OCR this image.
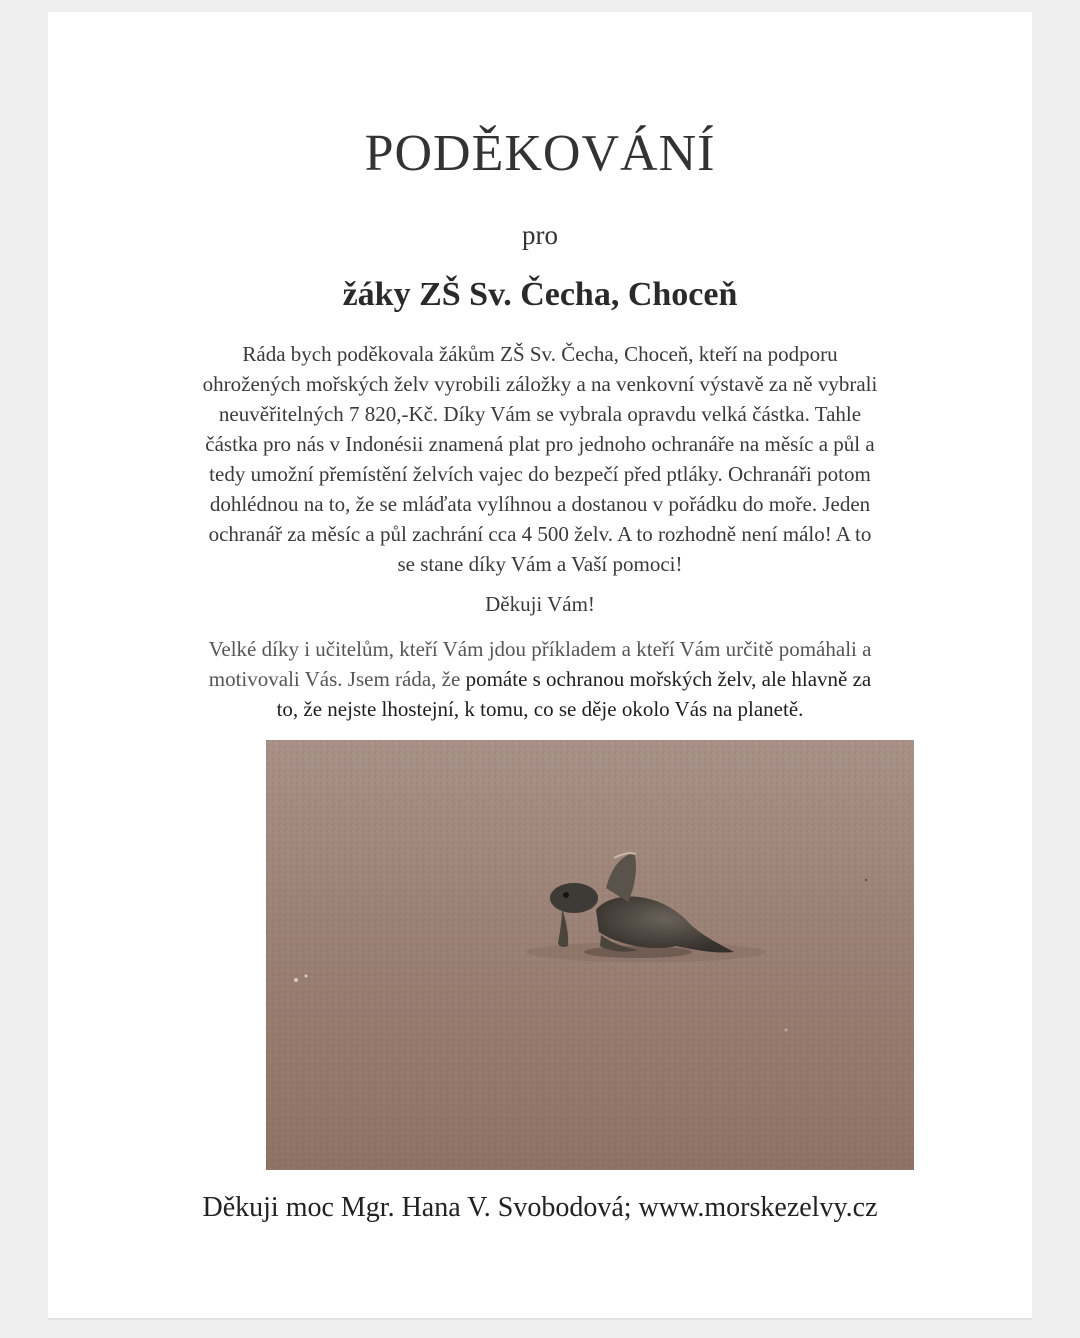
PODĚKOVÁNÍ
pro
žáky ZŠ Sv. Čecha, Choceň
Ráda bych poděkovala žákům ZŠ Sv. Čecha, Choceň, kteří na podporu
ohrožených mořských želv vyrobili záložky a na venkovní výstavě za ně vybrali
neuvěřitelných 7 820,-Kč. Díky Vám se vybrala opravdu velká částka. Tahle
částka pro nás v Indonésii znamená plat pro jednoho ochranáře na měsíc a půl a
tedy umožní přemístění želvích vajec do bezpečí před ptláky. Ochranáři potom
dohlédnou na to, že se mláďata vylíhnou a dostanou v pořádku do moře. Jeden
ochranář za měsíc a půl zachrání cca 4 500 želv. A to rozhodně není málo! A to
se stane díky Vám a Vaší pomoci!
Děkuji Vám!
Velké díky i učitelům, kteří Vám jdou příkladem a kteří Vám určitě pomáhali a
motivovali Vás. Jsem ráda, že pomáte s ochranou mořských želv, ale hlavně za
to, že nejste lhostejní, k tomu, co se děje okolo Vás na planetě.
Děkuji moc Mgr. Hana V. Svobodová; www.morskezelvy.cz
